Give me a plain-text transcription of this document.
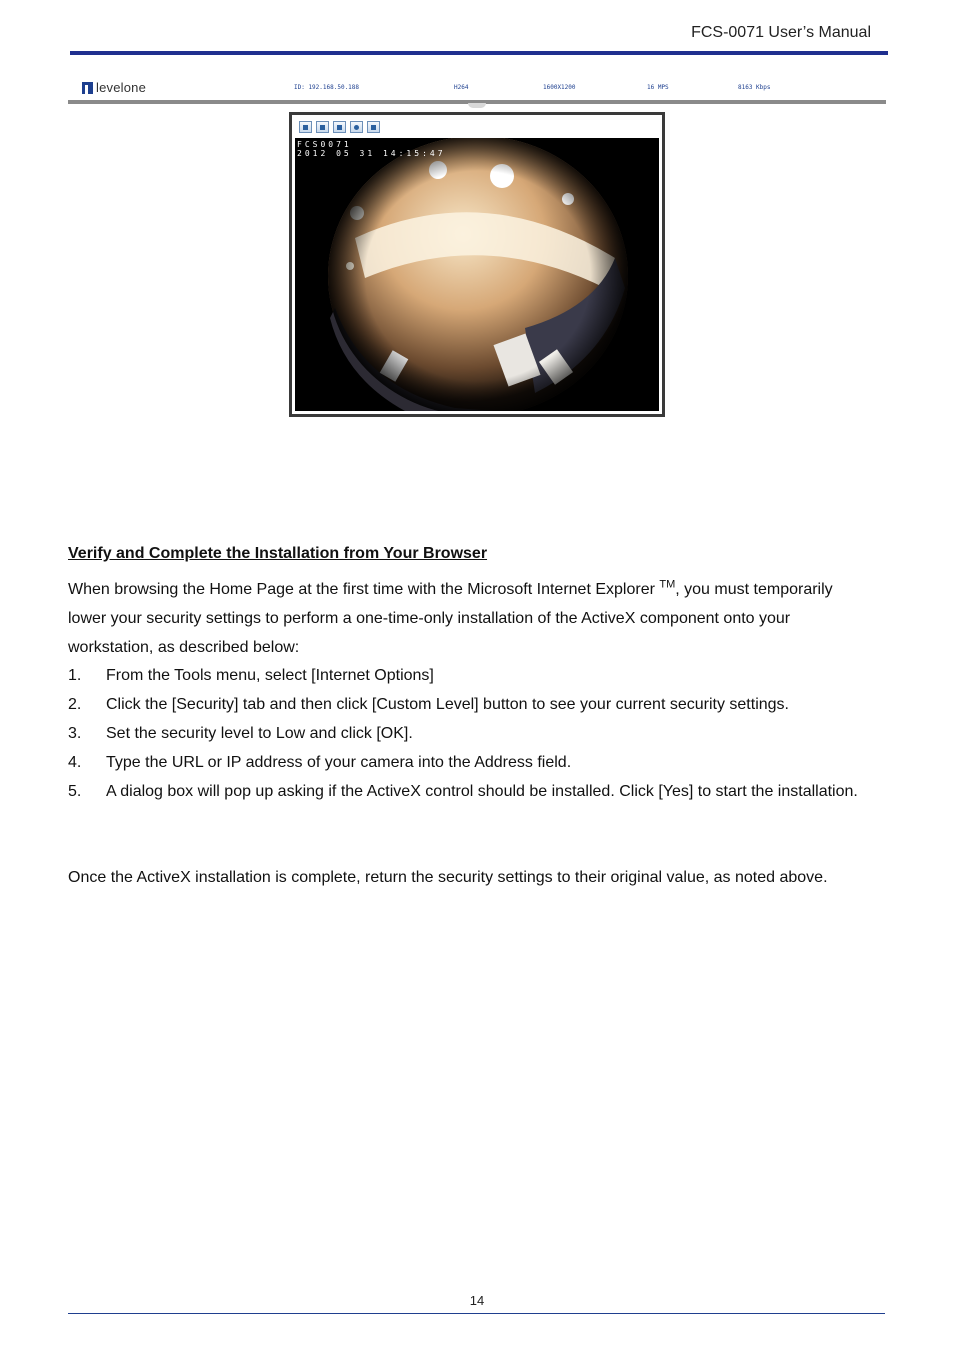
FCS-0071 User’s Manual
levelone	ID: 192.168.50.188	H264	1600X1200	16 MPS	8163 Kbps
FCS0071
2012 05 31 14:15:47
Verify and Complete the Installation from Your Browser
When browsing the Home Page at the first time with the Microsoft Internet Explorer ™, you must temporarily lower your security settings to perform a one-time-only installation of the ActiveX component onto your workstation, as described below:
1.	From the Tools menu, select [Internet Options]
2.	Click the [Security] tab and then click [Custom Level] button to see your current security settings.
3.	Set the security level to Low and click [OK].
4.	Type the URL or IP address of your camera into the Address field.
5.	A dialog box will pop up asking if the ActiveX control should be installed. Click [Yes] to start the installation.
Once the ActiveX installation is complete, return the security settings to their original value, as noted above.
14
